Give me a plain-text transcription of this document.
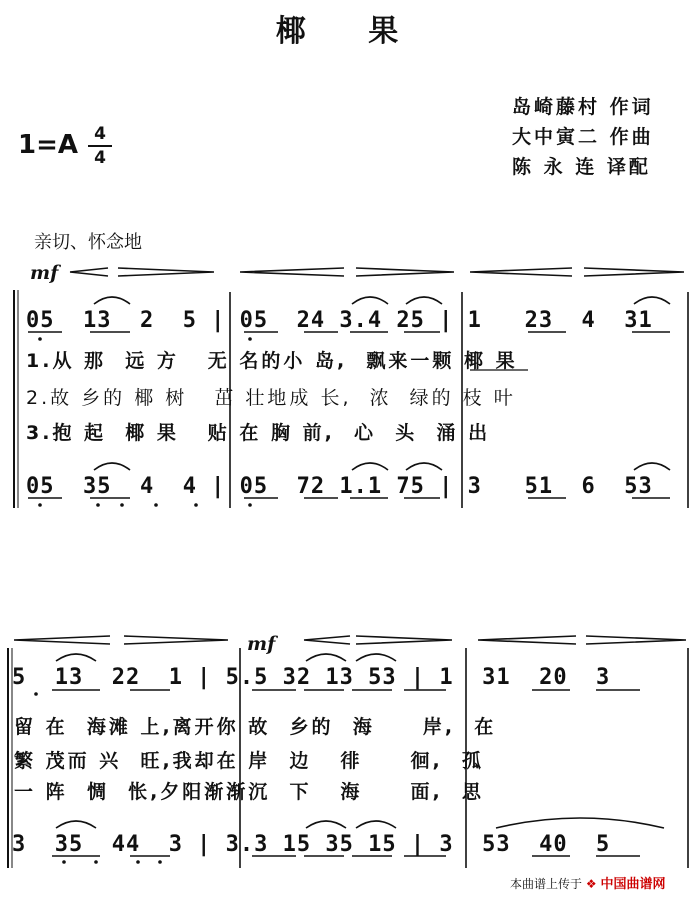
椰 果
岛崎藤村 作词
大中寅二 作曲
陈 永 连 译配
1=A 4
4
亲切、怀念地
mf
mf
05  13  2  5 | 05  24 3.4 25 | 1   23  4  31
1.从 那  远 方   无 名的小 岛,  飘来一颗 椰 果
2.故 乡的 椰 树   茁 壮地成 长,  浓  绿的 枝 叶
3.抱 起  椰 果   贴 在 胸 前,  心  头  涌 出
05  35  4  4 | 05  72 1.1 75 | 3   51  6  53
5  13  22  1 | 5.5 32 13 53 | 1  31  20  3
留 在  海滩 上,离开你 故  乡的  海     岸,  在
繁 茂而 兴  旺,我却在 岸  边   徘     徊,  孤
一 阵  惆  怅,夕阳渐渐沉  下   海     面,  思
3  35  44  3 | 3.3 15 35 15 | 3  53  40  5
本曲谱上传于 ❖ 中国曲谱网
